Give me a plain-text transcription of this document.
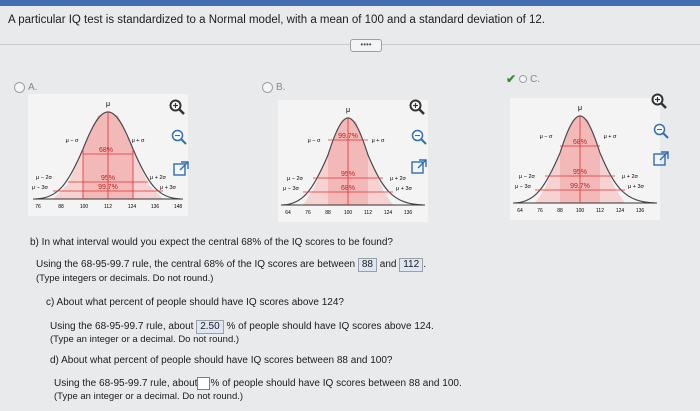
A particular IQ test is standardized to a Normal model, with a mean of 100 and a standard deviation of 12.
••••
A.	B.
✔ C.
μ
μ − σ	μ + σ
μ − 2σ	μ + 2σ
μ − 3σ	μ + 3σ
68%
95%
99.7%
76	88	100	112	124	136	148
μ
μ − σ	μ + σ
μ − 2σ	μ + 2σ
μ − 3σ	μ + 3σ
99.7%
95%
68%
64	76	88	100 112 124 136
μ
μ − σ	μ + σ
μ − 2σ	μ + 2σ
μ − 3σ	μ + 3σ
68%
95%
99.7%
64	76	88	100 112 124 136
b) In what interval would you expect the central 68% of the IQ scores to be found?
Using the 68-95-99.7 rule, the central 68% of the IQ scores are between 88 and 112 .
(Type integers or decimals. Do not round.)
c) About what percent of people should have IQ scores above 124?
Using the 68-95-99.7 rule, about 2.50 % of people should have IQ scores above 124.
(Type an integer or a decimal. Do not round.)
d) About what percent of people should have IQ scores between 88 and 100?
Using the 68-95-99.7 rule, about % of people should have IQ scores between 88 and 100.
(Type an integer or a decimal. Do not round.)
